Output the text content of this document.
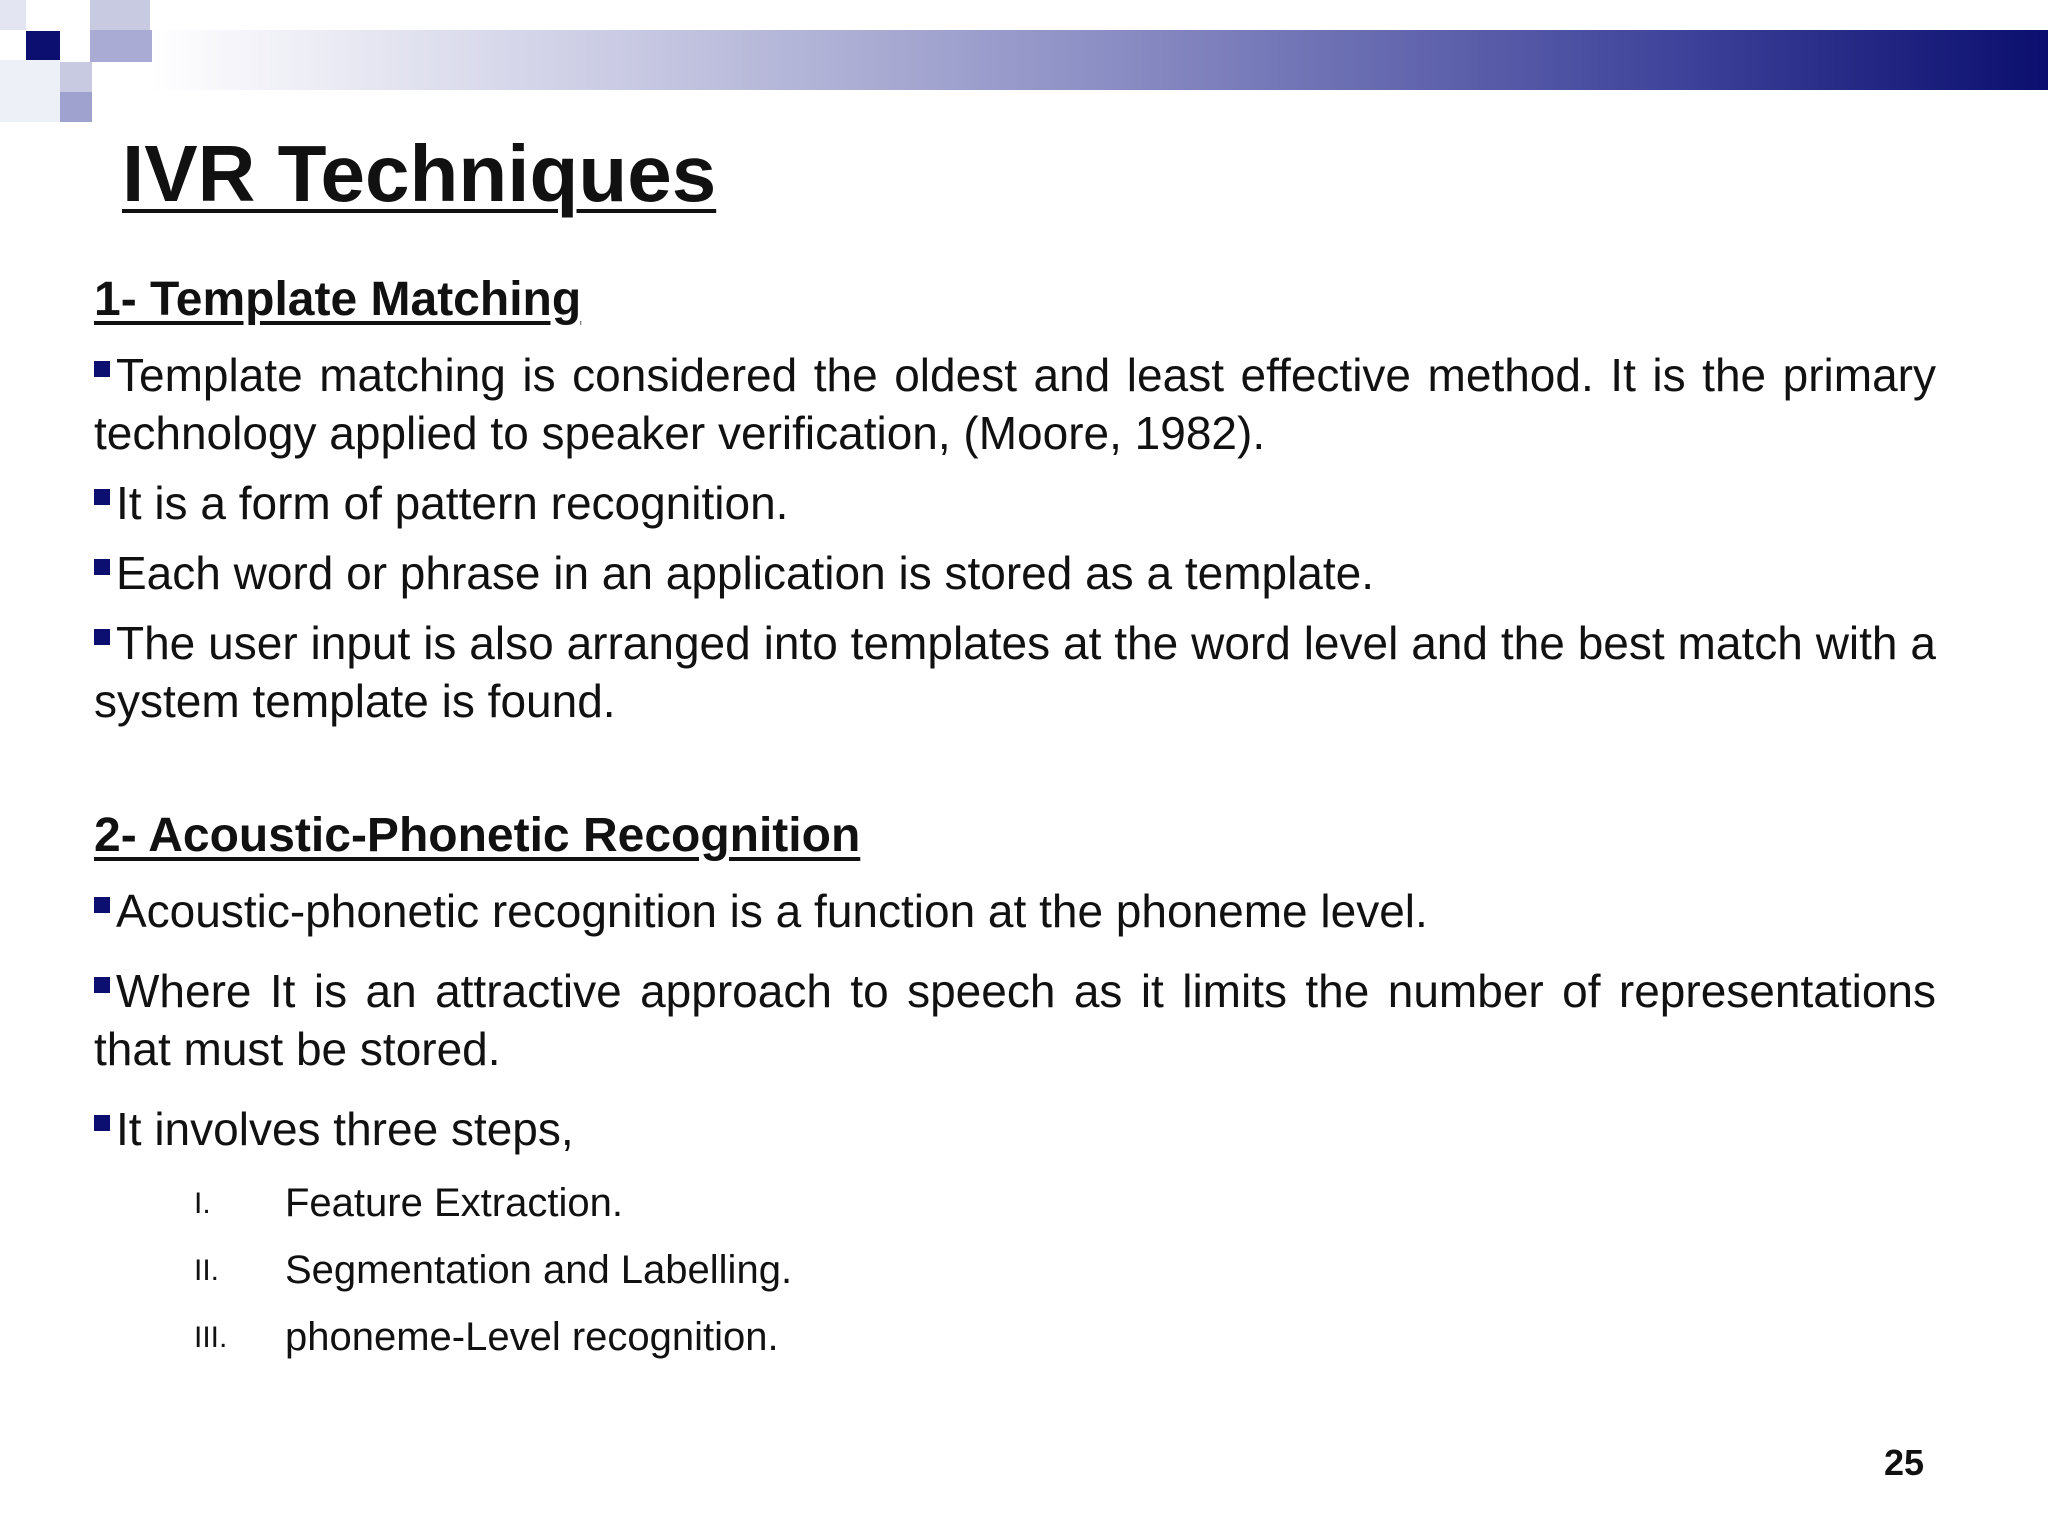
IVR Techniques
1- Template Matching

Template matching is considered the oldest and least effective method. It is the primary technology applied to speaker verification, (Moore, 1982).

It is a form of pattern recognition.

Each word or phrase in an application is stored as a template.

The user input is also arranged into templates at the word level and the best match with a system template is found.

2- Acoustic-Phonetic Recognition

Acoustic-phonetic recognition is a function at the phoneme level.

Where It is an attractive approach to speech as it limits the number of representations that must be stored.

It involves three steps,

I. Feature Extraction.
II. Segmentation and Labelling.
III. phoneme-Level recognition.
25
